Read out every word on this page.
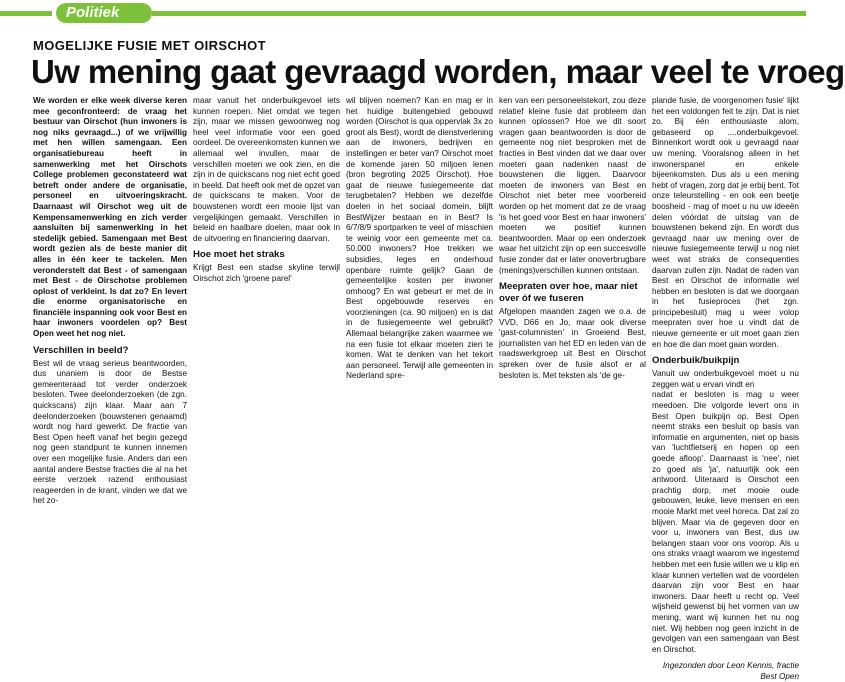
Politiek
MOGELIJKE FUSIE MET OIRSCHOT
Uw mening gaat gevraagd worden, maar veel te vroeg

We worden er elke week diverse keren mee geconfronteerd: de vraag het bestuur van Oirschot (hun inwoners is nog niks gevraagd...) of we vrijwillig met hen willen samengaan. Een organisatiebureau heeft in samenwerking met het Oirschots College problemen geconstateerd wat betreft onder andere de organisatie, personeel en uitvoeringskracht. Daarnaast wil Oirschot weg uit de Kempensamenwerking en zich verder aansluiten bij samenwerking in het stedelijk gebied. Samengaan met Best wordt gezien als de beste manier dit alles in één keer te tackelen. Men veronderstelt dat Best - of samengaan met Best - de Oirschotse problemen oplost of verkleint. Is dat zo? En levert die enorme organisatorische en financiële inspanning ook voor Best en haar inwoners voordelen op? Best Open weet het nog niet.

Verschillen in beeld?

Best wil de vraag serieus beantwoorden, dus unaniem is door de Bestse gemeenteraad tot verder onderzoek besloten. Twee deelonderzoeken (de zgn. quickscans) zijn klaar. Maar aan 7 deelonderzoeken (bouwstenen genaamd) wordt nog hard gewerkt. De fractie van Best Open heeft vanaf het begin gezegd nog geen standpunt te kunnen innemen over een mogelijke fusie. Anders dan een aantal andere Bestse fracties die al na het eerste verzoek razend enthousiast reageerden in de krant, vinden we dat we het zo-

maar vanuit het onderbuikgevoel iets kunnen roepen. Niet omdat we tegen zijn, maar we missen gewoonweg nog heel veel informatie voor een goed oordeel. De overeenkomsten kunnen we allemaal wel invullen, maar de verschillen moeten we ook zien, en die zijn in de quickscans nog niet echt goed in beeld. Dat heeft ook met de opzet van de quickscans te maken. Voor de bouwstenen wordt een mooie lijst van vergelijkingen gemaakt. Verschillen in beleid en haalbare doelen, maar ook in de uitvoering en financiering daarvan.

Hoe moet het straks

Krijgt Best een stadse skyline terwijl Oirschot zich 'groene parel'

wil blijven noemen? Kan en mag er in het huidige buitengebied gebouwd worden (Oirschot is qua oppervlak 3x zo groot als Best), wordt de dienstverlening aan de inwoners, bedrijven en instellingen er beter van? Oirschot moet de komende jaren 50 miljoen lenen (bron begroting 2025 Oirschot). Hoe gaat de nieuwe fusiegemeente dat terugbetalen? Hebben we dezelfde doelen in het sociaal domein, blijft BestWijzer bestaan en in Best? Is 6/7/8/9 sportparken te veel of misschien te weinig voor een gemeente met ca. 50.000 inwoners? Hoe trekken we subsidies, leges en onderhoud openbare ruimte gelijk? Gaan de gemeentelijke kosten per inwoner omhoog? En wat gebeurt er met de in Best opgebouwde reserves en voorzieningen (ca. 90 miljoen) en is dat in de fusiegemeente wel gebruikt? Allemaal belangrijke zaken waarmee we na een fusie tot elkaar moeten zien te komen. Wat te denken van het tekort aan personeel. Terwijl alle gemeenten in Nederland spre-

ken van een personeelstekort, zou deze relatief kleine fusie dat probleem dan kunnen oplossen? Hoe we dit soort vragen gaan beantwoorden is door de gemeente nog niet besproken met de fracties in Best vinden dat we daar over moeten gaan nadenken naast de bouwstenen die liggen. Daarvoor moeten de inwoners van Best en Oirschot niet beter mee voorbereid worden op het moment dat ze de vraag 'is het goed voor Best en haar inwoners' moeten we positief kunnen beantwoorden. Maar op een onderzoek waar het uitzicht zijn op een succesvolle fusie zonder dat er later onoverbrugbare (menings)verschillen kunnen ontstaan.

Meepraten over hoe, maar niet over óf we fuseren

Afgelopen maanden zagen we o.a. de VVD, D66 en Jo, maar ook diverse 'gast-columnisten' in Groeiend Best, journalisten van het ED en leden van de raadswerkgroep uit Best en Oirschot spreken over de fusie alsof er al besloten is. Met teksten als 'de ge-

plande fusie, de voorgenomen fusie' lijkt het een voldongen feit te zijn. Dat is niet zo. Bij één enthousiaste alom, gebaseerd op ....onderbuikgevoel. Binnenkort wordt ook u gevraagd naar uw mening. Vooralsnog alleen in het inwonerspanel en enkele bijeenkomsten. Dus als u een mening hebt of vragen, zorg dat je erbij bent. Tot onze teleurstelling - en ook een beetje boosheid - mag of moet u nu uw ideeën delen vóórdat de uitslag van de bouwstenen bekend zijn. En wordt dus gevraagd naar uw mening over de nieuwe fusiegemeente terwijl u nog niet weet wat straks de consequenties daarvan zullen zijn. Nadat de raden van Best en Oirschot de informatie wel hebben en besloten is dat we doorgaan in het fusieproces (het zgn. principebesluit) mag u weer volop meepraten over hoe u vindt dat de nieuwe gemeente er uit moet gaan zien en hoe die dan moet gaan worden.

Onderbuik/buikpijn

Vanuit uw onderbuikgevoel moet u nu zeggen wat u ervan vindt en

nadat er besloten is mag u weer meedoen. Die volgorde levert ons in Best Open buikpijn op. Best Open neemt straks een besluit op basis van informatie en argumenten, niet op basis van 'luchtfietserij en hopen op een goede afloop'. Daarnaast is 'nee', niet zo goed als 'ja', natuurlijk ook een antwoord. Uiteraard is Oirschot een prachtig dorp, met mooie oude gebouwen, leuke, lieve mensen en een mooie Markt met veel horeca. Dat zal zo blijven. Maar via de gegeven door en voor u, inwoners van Best, dus uw belangen staan voor ons voorop. Als u ons straks vraagt waarom we ingestemd hebben met een fusie willen we u klip en klaar kunnen vertellen wat de voordelen daarvan zijn voor Best en haar inwoners. Daar heeft u recht op. Veel wijsheid gewenst bij het vormen van uw mening, want wij kunnen het nu nog niet. Wij hebben nog geen inzicht in de gevolgen van een samengaan van Best en Oirschot.

Ingezonden door Leon Kennis, fractie Best Open
